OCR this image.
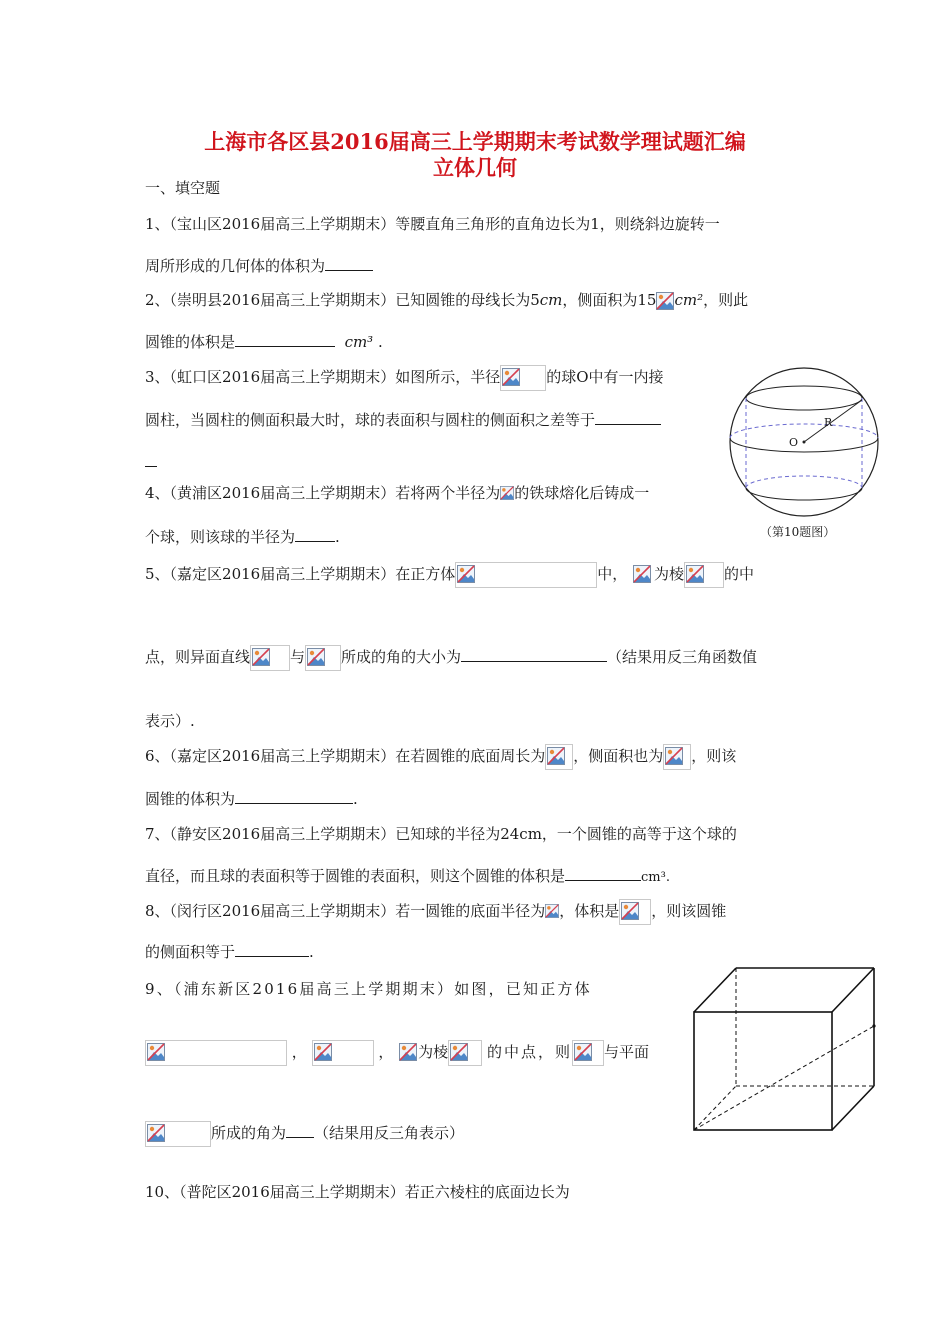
上海市各区县2016届高三上学期期末考试数学理试题汇编
立体几何
一、填空题
1、（宝山区2016届高三上学期期末）等腰直角三角形的直角边长为1，则绕斜边旋转一
周所形成的几何体的体积为
2、（崇明县2016届高三上学期期末）已知圆锥的母线长为5cm，侧面积为15 cm²，则此
圆锥的体积是	cm³ .
3、（虹口区2016届高三上学期期末）如图所示，半径	的球O中有一内接
圆柱，当圆柱的侧面积最大时，球的表面积与圆柱的侧面积之差等于	R
O
（第10题图）
4、（黄浦区2016届高三上学期期末）若将两个半径为 的铁球熔化后铸成一
个球，则该球的半径为	.
5、（嘉定区2016届高三上学期期末）在正方体	中， 为棱	的中
点，则异面直线	与 所成的角的大小为	（结果用反三角函数值
表示）.
6、（嘉定区2016届高三上学期期末）在若圆锥的底面周长为 ，侧面积也为 ，则该
圆锥的体积为	.
7、（静安区2016届高三上学期期末）已知球的半径为24cm，一个圆锥的高等于这个球的
直径，而且球的表面积等于圆锥的表面积，则这个圆锥的体积是	cm³.
8、（闵行区2016届高三上学期期末）若一圆锥的底面半径为 ，体积是 ，则该圆锥
的侧面积等于	.
9、（浦东新区2016届高三上学期期末）如图，已知正方体
，	， 为棱	的中点，则 与平面
所成的角为 （结果用反三角表示）
10、（普陀区2016届高三上学期期末）若正六棱柱的底面边长为
